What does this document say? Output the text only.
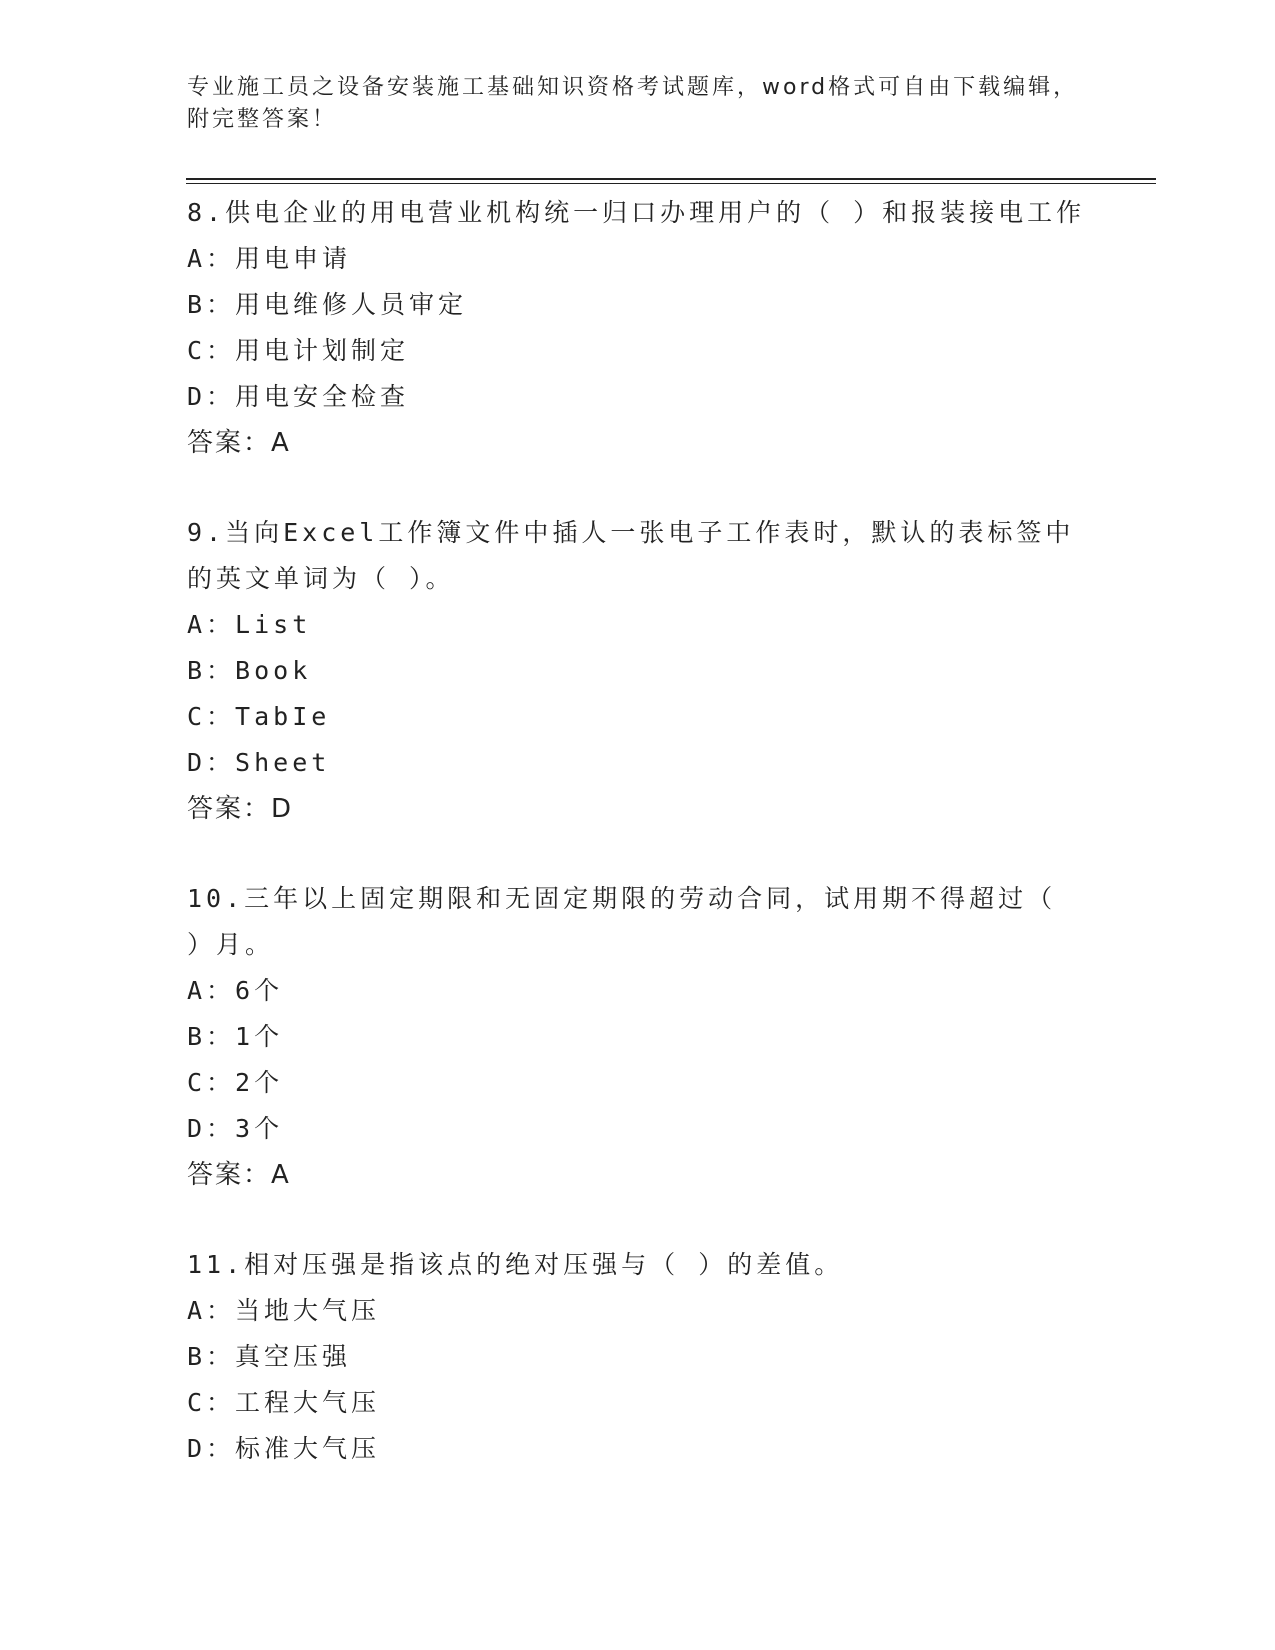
专业施工员之设备安装施工基础知识资格考试题库，word格式可自由下载编辑，
附完整答案！

8.供电企业的用电营业机构统一归口办理用户的（ ）和报装接电工作

A：用电申请
B：用电维修人员审定
C：用电计划制定
D：用电安全检查
答案：A

9.当向Excel工作簿文件中插人一张电子工作表时，默认的表标签中

的英文单词为（ ）。

A：List
B：Book
C：TabIe
D：Sheet
答案：D

10.三年以上固定期限和无固定期限的劳动合同，试用期不得超过（

）月。

A：6个
B：1个
C：2个
D：3个
答案：A

11.相对压强是指该点的绝对压强与（ ）的差值。

A：当地大气压
B：真空压强
C：工程大气压
D：标准大气压
